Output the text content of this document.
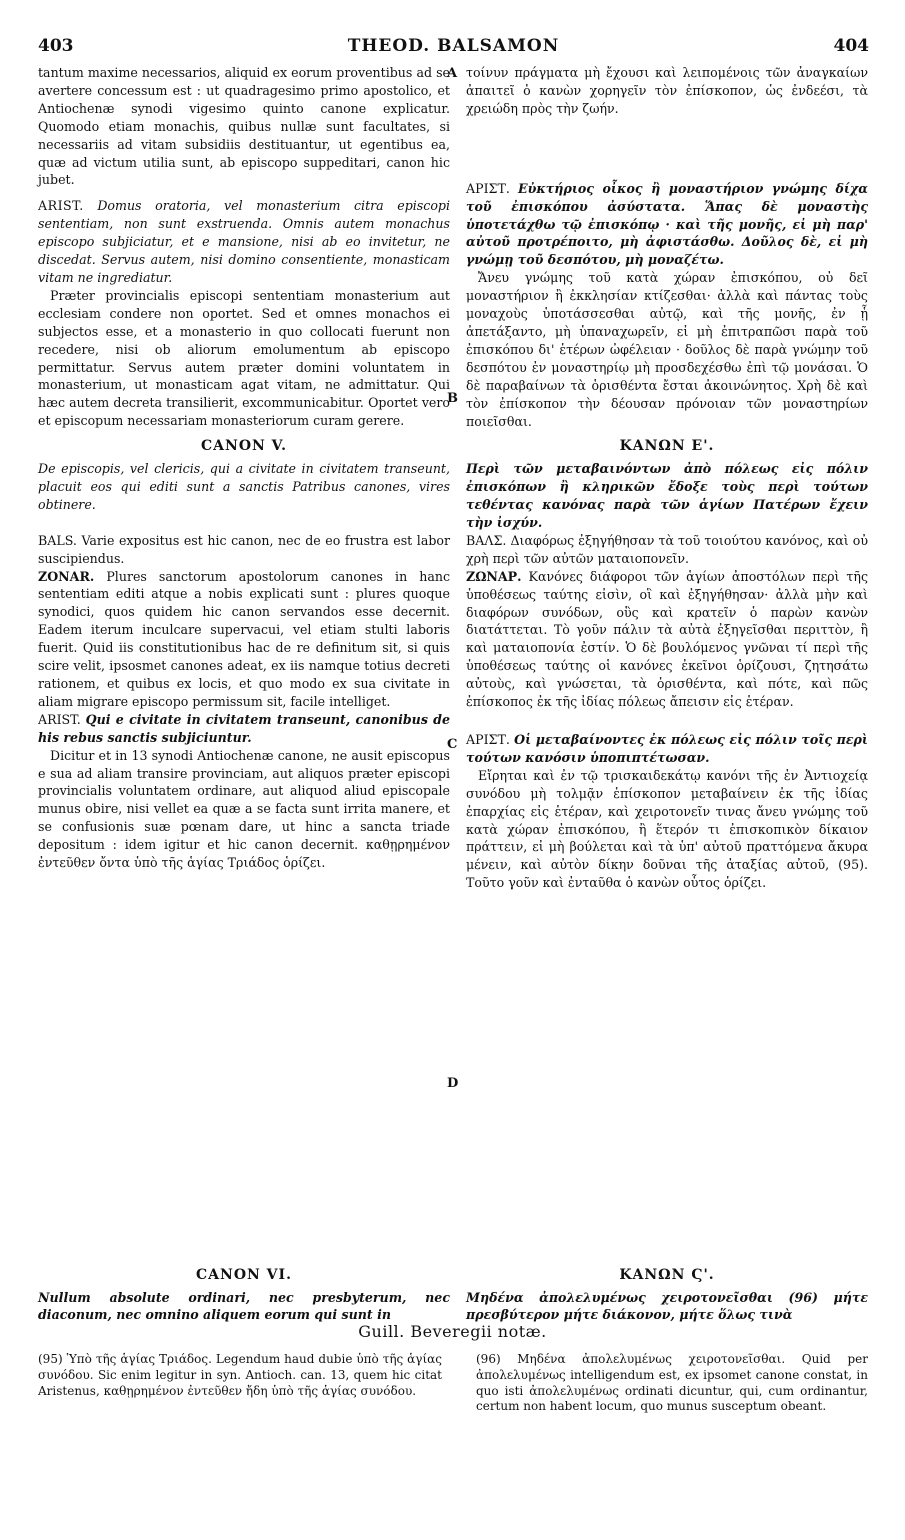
403	THEOD. BALSAMON	404
A
B
C
D

tantum maxime necessarios, aliquid ex eorum proventibus ad se avertere concessum est : ut quadragesimo primo apostolico, et Antiochenæ synodi vigesimo quinto canone explicatur. Quomodo etiam monachis, quibus nullæ sunt facultates, si necessariis ad vitam subsidiis destituantur, ut egentibus ea, quæ ad victum utilia sunt, ab episcopo suppeditari, canon hic jubet.

ARIST. Domus oratoria, vel monasterium citra episcopi sententiam, non sunt exstruenda. Omnis autem monachus episcopo subjiciatur, et e mansione, nisi ab eo invitetur, ne discedat. Servus autem, nisi domino consentiente, monasticam vitam ne ingrediatur.

Præter provincialis episcopi sententiam monasterium aut ecclesiam condere non oportet. Sed et omnes monachos ei subjectos esse, et a monasterio in quo collocati fuerunt non recedere, nisi ob aliorum emolumentum ab episcopo permittatur. Servus autem præter domini voluntatem in monasterium, ut monasticam agat vitam, ne admittatur. Qui hæc autem decreta transilierit, excommunicabitur. Oportet vero et episcopum necessariam monasteriorum curam gerere.

CANON V.

De episcopis, vel clericis, qui a civitate in civitatem transeunt, placuit eos qui editi sunt a sanctis Patribus canones, vires obtinere.

BALS. Varie expositus est hic canon, nec de eo frustra est labor suscipiendus.

ZONAR. Plures sanctorum apostolorum canones in hanc sententiam editi atque a nobis explicati sunt : plures quoque synodici, quos quidem hic canon servandos esse decernit. Eadem iterum inculcare supervacui, vel etiam stulti laboris fuerit. Quid iis constitutionibus hac de re definitum sit, si quis scire velit, ipsosmet canones adeat, ex iis namque totius decreti rationem, et quibus ex locis, et quo modo ex sua civitate in aliam migrare episcopo permissum sit, facile intelliget.

ARIST. Qui e civitate in civitatem transeunt, canonibus de his rebus sanctis subjiciuntur.

Dicitur et in 13 synodi Antiochenæ canone, ne ausit episcopus e sua ad aliam transire provinciam, aut aliquos præter episcopi provincialis voluntatem ordinare, aut aliquod aliud episcopale munus obire, nisi vellet ea quæ a se facta sunt irrita manere, et se confusionis suæ pœnam dare, ut hinc a sancta triade depositum : idem igitur et hic canon decernit. καθῃρημένον ἐντεῦθεν ὄντα ὑπὸ τῆς ἁγίας Τριάδος ὁρίζει.

τοίνυν πράγματα μὴ ἔχουσι καὶ λειπομένοις τῶν ἀναγκαίων ἀπαιτεῖ ὁ κανὼν χορηγεῖν τὸν ἐπίσκοπον, ὡς ἐνδεέσι, τὰ χρειώδη πρὸς τὴν ζωήν.

ΑΡΙΣΤ. Εὐκτήριος οἶκος ἢ μοναστήριον γνώμης δίχα τοῦ ἐπισκόπου ἀσύστατα. Ἅπας δὲ μοναστὴς ὑποτετάχθω τῷ ἐπισκόπῳ · καὶ τῆς μονῆς, εἰ μὴ παρ' αὐτοῦ προτρέποιτο, μὴ ἀφιστάσθω. Δοῦλος δὲ, εἰ μὴ γνώμῃ τοῦ δεσπότου, μὴ μοναζέτω.

Ἄνευ γνώμης τοῦ κατὰ χώραν ἐπισκόπου, οὐ δεῖ μοναστήριον ἢ ἐκκλησίαν κτίζεσθαι· ἀλλὰ καὶ πάντας τοὺς μοναχοὺς ὑποτάσσεσθαι αὐτῷ, καὶ τῆς μονῆς, ἐν ᾗ ἀπετάξαντο, μὴ ὑπαναχωρεῖν, εἰ μὴ ἐπιτραπῶσι παρὰ τοῦ ἐπισκόπου δι' ἑτέρων ὠφέλειαν · δοῦλος δὲ παρὰ γνώμην τοῦ δεσπότου ἐν μοναστηρίῳ μὴ προσδεχέσθω ἐπὶ τῷ μονάσαι. Ὁ δὲ παραβαίνων τὰ ὁρισθέντα ἔσται ἀκοινώνητος. Χρὴ δὲ καὶ τὸν ἐπίσκοπον τὴν δέουσαν πρόνοιαν τῶν μοναστηρίων ποιεῖσθαι.

ΚΑΝΩΝ Ε'.

Περὶ τῶν μεταβαινόντων ἀπὸ πόλεως εἰς πόλιν ἐπισκόπων ἢ κληρικῶν ἔδοξε τοὺς περὶ τούτων τεθέντας κανόνας παρὰ τῶν ἁγίων Πατέρων ἔχειν τὴν ἰσχύν.

ΒΑΛΣ. Διαφόρως ἐξηγήθησαν τὰ τοῦ τοιούτου κανόνος, καὶ οὐ χρὴ περὶ τῶν αὐτῶν ματαιοπονεῖν.

ΖΩΝΑΡ. Κανόνες διάφοροι τῶν ἁγίων ἀποστόλων περὶ τῆς ὑποθέσεως ταύτης εἰσὶν, οἳ καὶ ἐξηγήθησαν· ἀλλὰ μὴν καὶ διαφόρων συνόδων, οὓς καὶ κρατεῖν ὁ παρὼν κανὼν διατάττεται. Τὸ γοῦν πάλιν τὰ αὐτὰ ἐξηγεῖσθαι περιττὸν, ἢ καὶ ματαιοπονία ἐστίν. Ὁ δὲ βουλόμενος γνῶναι τί περὶ τῆς ὑποθέσεως ταύτης οἱ κανόνες ἐκεῖνοι ὁρίζουσι, ζητησάτω αὐτοὺς, καὶ γνώσεται, τὰ ὁρισθέντα, καὶ πότε, καὶ πῶς ἐπίσκοπος ἐκ τῆς ἰδίας πόλεως ἄπεισιν εἰς ἑτέραν.

ΑΡΙΣΤ. Οἱ μεταβαίνοντες ἐκ πόλεως εἰς πόλιν τοῖς περὶ τούτων κανόσιν ὑποπιπτέτωσαν.

Εἴρηται καὶ ἐν τῷ τρισκαιδεκάτῳ κανόνι τῆς ἐν Ἀντιοχείᾳ συνόδου μὴ τολμᾷν ἐπίσκοπον μεταβαίνειν ἐκ τῆς ἰδίας ἐπαρχίας εἰς ἑτέραν, καὶ χειροτονεῖν τινας ἄνευ γνώμης τοῦ κατὰ χώραν ἐπισκόπου, ἢ ἕτερόν τι ἐπισκοπικὸν δίκαιον πράττειν, εἰ μὴ βούλεται καὶ τὰ ὑπ' αὐτοῦ πραττόμενα ἄκυρα μένειν, καὶ αὐτὸν δίκην δοῦναι τῆς ἀταξίας αὐτοῦ, (95). Τοῦτο γοῦν καὶ ἐνταῦθα ὁ κανὼν οὗτος ὁρίζει.

CANON VI.

Nullum absolute ordinari, nec presbyterum, nec diaconum, nec omnino aliquem eorum qui sunt in

ΚΑΝΩΝ Ϛ'.

Μηδένα ἀπολελυμένως χειροτονεῖσθαι (96) μήτε πρεσβύτερον μήτε διάκονον, μήτε ὅλως τινὰ

Guill. Beveregii notæ.

(95) Ὑπὸ τῆς ἁγίας Τριάδος. Legendum haud dubie ὑπὸ τῆς ἁγίας συνόδου. Sic enim legitur in syn. Antioch. can. 13, quem hic citat Aristenus, καθῃρημένον ἐντεῦθεν ἤδη ὑπὸ τῆς ἁγίας συνόδου.

(96) Μηδένα ἀπολελυμένως χειροτονεῖσθαι. Quid per ἀπολελυμένως intelligendum est, ex ipsomet canone constat, in quo isti ἀπολελυμένως ordinati dicuntur, qui, cum ordinantur, certum non habent locum, quo munus susceptum obeant.
